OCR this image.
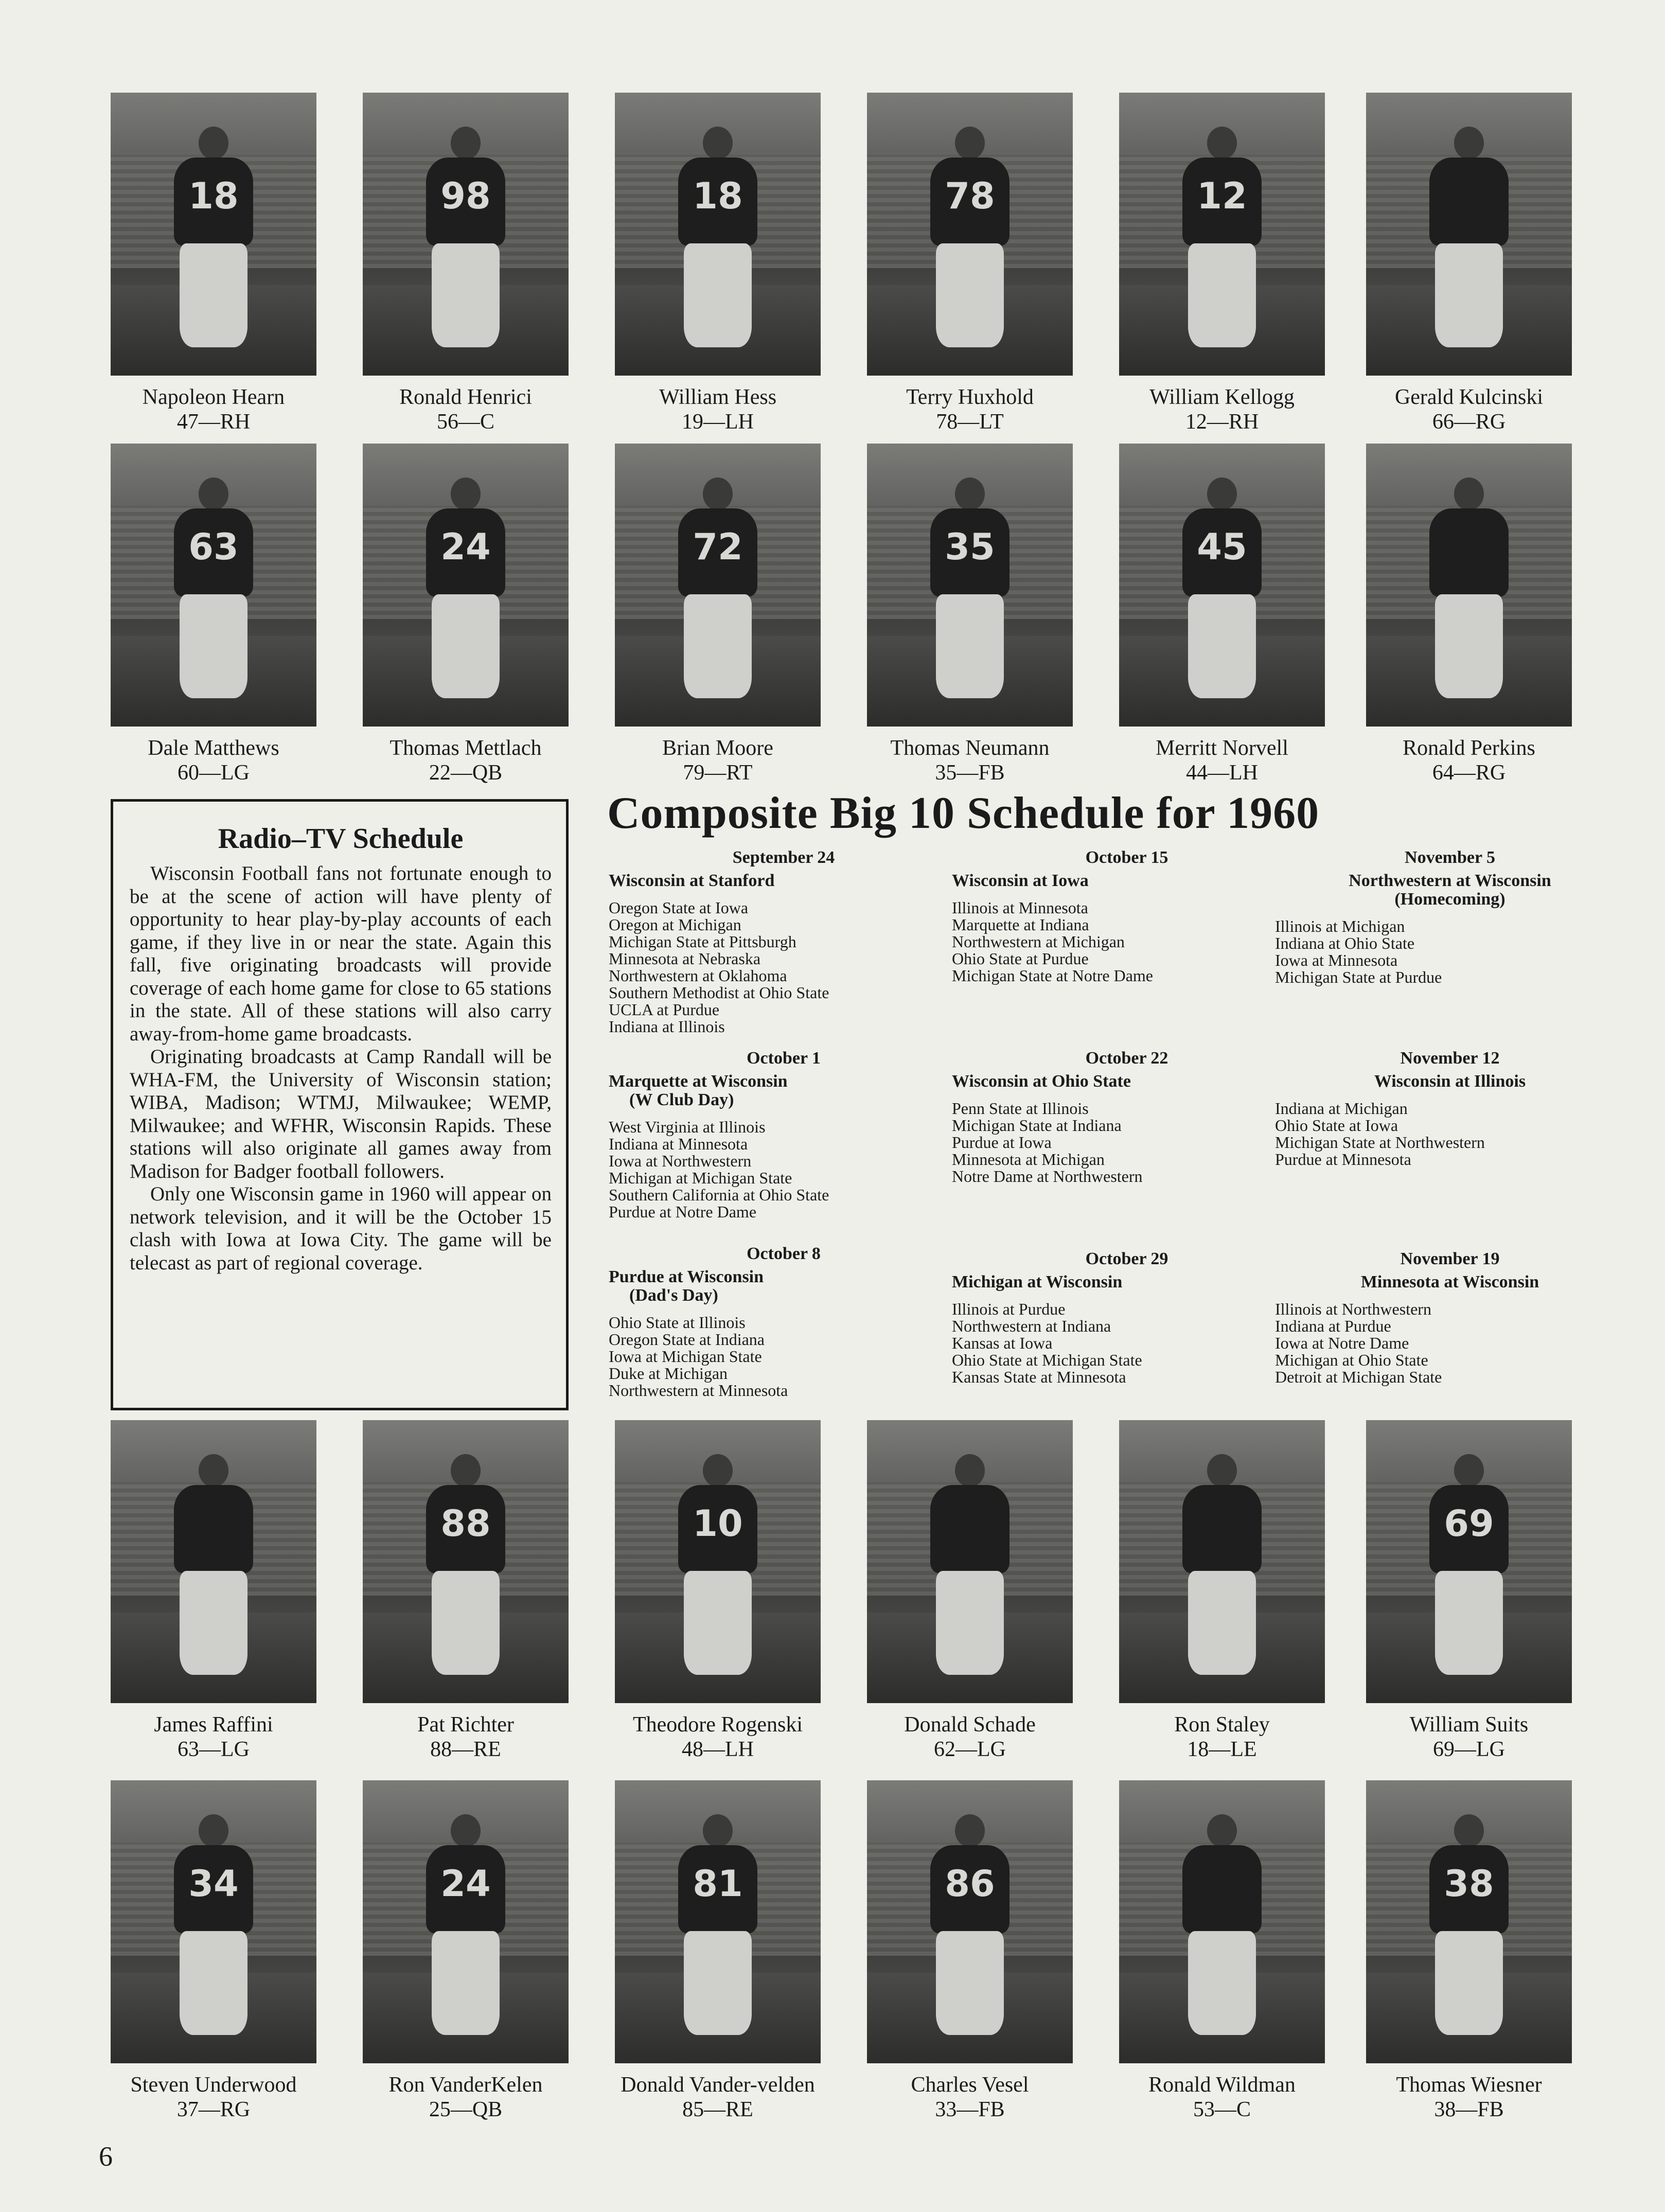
18
Napoleon Hearn
47—RH
98
Ronald Henrici
56—C
18
William Hess
19—LH
78
Terry Huxhold
78—LT
12
William Kellogg
12—RH
Gerald Kulcinski
66—RG
63
Dale Matthews
60—LG
24
Thomas Mettlach
22—QB
72
Brian Moore
79—RT
35
Thomas Neumann
35—FB
45
Merritt Norvell
44—LH
Ronald Perkins
64—RG
James Raffini
63—LG
88
Pat Richter
88—RE
10
Theodore Rogenski
48—LH
Donald Schade
62—LG
Ron Staley
18—LE
69
William Suits
69—LG
34
Steven Underwood
37—RG
24
Ron VanderKelen
25—QB
81
Donald Vander-velden
85—RE
86
Charles Vesel
33—FB
Ronald Wildman
53—C
38
Thomas Wiesner
38—FB
Radio–TV Schedule

Wisconsin Football fans not fortunate enough to be at the scene of action will have plenty of opportunity to hear play-by-play accounts of each game, if they live in or near the state. Again this fall, five originating broadcasts will provide coverage of each home game for close to 65 stations in the state. All of these stations will also carry away-from-home game broadcasts.

Originating broadcasts at Camp Randall will be WHA-FM, the University of Wisconsin station; WIBA, Madison; WTMJ, Milwaukee; WEMP, Milwaukee; and WFHR, Wisconsin Rapids. These stations will also originate all games away from Madison for Badger football followers.

Only one Wisconsin game in 1960 will appear on network television, and it will be the October 15 clash with Iowa at Iowa City. The game will be telecast as part of regional coverage.

Composite Big 10 Schedule for 1960
September 24
Wisconsin at Stanford
Oregon State at Iowa
Oregon at Michigan
Michigan State at Pittsburgh
Minnesota at Nebraska
Northwestern at Oklahoma
Southern Methodist at Ohio State
UCLA at Purdue
Indiana at Illinois
October 1
Marquette at Wisconsin
(W Club Day)
West Virginia at Illinois
Indiana at Minnesota
Iowa at Northwestern
Michigan at Michigan State
Southern California at Ohio State
Purdue at Notre Dame
October 8
Purdue at Wisconsin
(Dad's Day)
Ohio State at Illinois
Oregon State at Indiana
Iowa at Michigan State
Duke at Michigan
Northwestern at Minnesota
October 15
Wisconsin at Iowa
Illinois at Minnesota
Marquette at Indiana
Northwestern at Michigan
Ohio State at Purdue
Michigan State at Notre Dame
October 22
Wisconsin at Ohio State
Penn State at Illinois
Michigan State at Indiana
Purdue at Iowa
Minnesota at Michigan
Notre Dame at Northwestern
October 29
Michigan at Wisconsin
Illinois at Purdue
Northwestern at Indiana
Kansas at Iowa
Ohio State at Michigan State
Kansas State at Minnesota
November 5
Northwestern at Wisconsin
(Homecoming)
Illinois at Michigan
Indiana at Ohio State
Iowa at Minnesota
Michigan State at Purdue
November 12
Wisconsin at Illinois
Indiana at Michigan
Ohio State at Iowa
Michigan State at Northwestern
Purdue at Minnesota
November 19
Minnesota at Wisconsin
Illinois at Northwestern
Indiana at Purdue
Iowa at Notre Dame
Michigan at Ohio State
Detroit at Michigan State
6
